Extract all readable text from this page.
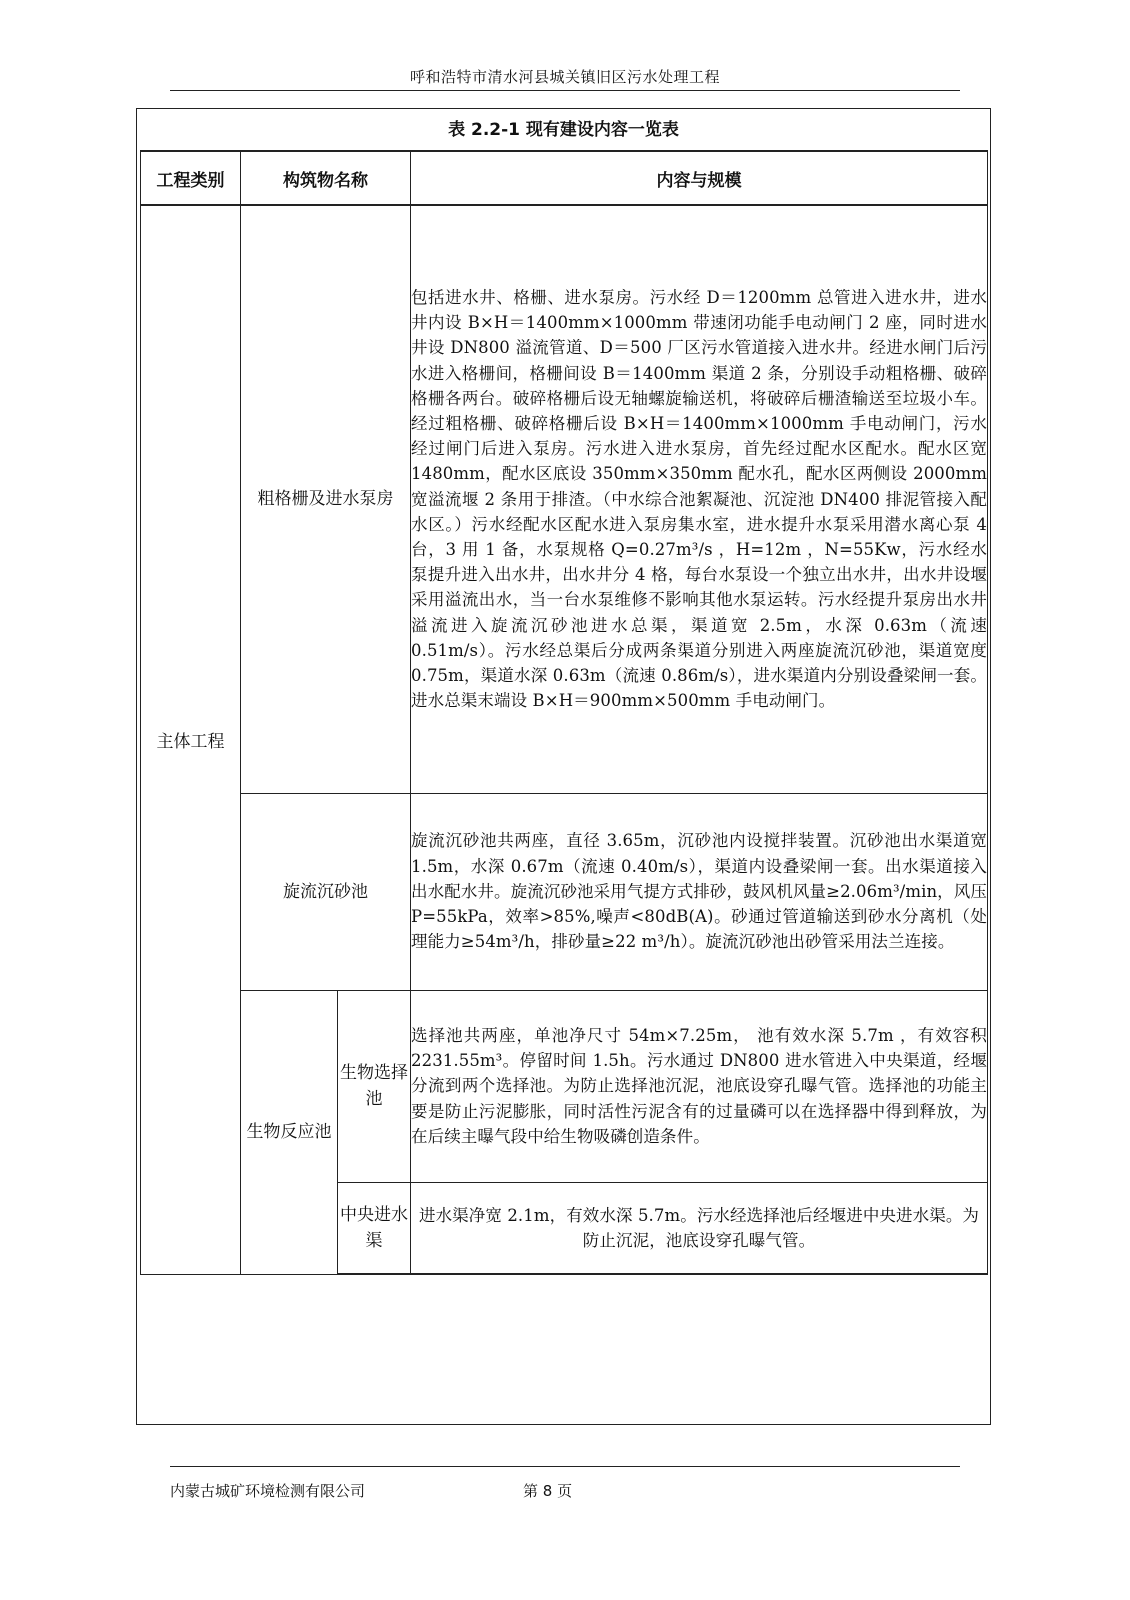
呼和浩特市清水河县城关镇旧区污水处理工程
表 2.2-1 现有建设内容一览表
工程类别	构筑物名称		内容与规模
主体工程	粗格栅及进水泵房		包括进水井、格栅、进水泵房。污水经 D＝1200mm 总管进入进水井，进水井内设 B×H＝1400mm×1000mm 带速闭功能手电动闸门 2 座，同时进水井设 DN800 溢流管道、D＝500 厂区污水管道接入进水井。经进水闸门后污水进入格栅间，格栅间设 B＝1400mm 渠道 2 条，分别设手动粗格栅、破碎格栅各两台。破碎格栅后设无轴螺旋输送机，将破碎后栅渣输送至垃圾小车。经过粗格栅、破碎格栅后设 B×H＝1400mm×1000mm 手电动闸门，污水经过闸门后进入泵房。污水进入进水泵房，首先经过配水区配水。配水区宽 1480mm，配水区底设 350mm×350mm 配水孔，配水区两侧设 2000mm 宽溢流堰 2 条用于排渣。（中水综合池絮凝池、沉淀池 DN400 排泥管接入配水区。）污水经配水区配水进入泵房集水室，进水提升水泵采用潜水离心泵 4 台，3 用 1 备，水泵规格 Q=0.27m³/s ，H=12m ，N=55Kw，污水经水泵提升进入出水井，出水井分 4 格，每台水泵设一个独立出水井，出水井设堰采用溢流出水，当一台水泵维修不影响其他水泵运转。污水经提升泵房出水井溢流进入旋流沉砂池进水总渠，渠道宽 2.5m，水深 0.63m（流速 0.51m/s）。污水经总渠后分成两条渠道分别进入两座旋流沉砂池，渠道宽度 0.75m，渠道水深 0.63m（流速 0.86m/s），进水渠道内分别设叠梁闸一套。进水总渠末端设 B×H＝900mm×500mm 手电动闸门。
	旋流沉砂池		旋流沉砂池共两座，直径 3.65m，沉砂池内设搅拌装置。沉砂池出水渠道宽 1.5m，水深 0.67m（流速 0.40m/s），渠道内设叠梁闸一套。出水渠道接入出水配水井。旋流沉砂池采用气提方式排砂，鼓风机风量≥2.06m³/min，风压 P=55kPa，效率>85%,噪声<80dB(A)。砂通过管道输送到砂水分离机（处理能力≥54m³/h，排砂量≥22 m³/h）。旋流沉砂池出砂管采用法兰连接。
	生物反应池	生物选择池	选择池共两座，单池净尺寸 54m×7.25m， 池有效水深 5.7m ，有效容积 2231.55m³。停留时间 1.5h。污水通过 DN800 进水管进入中央渠道，经堰分流到两个选择池。为防止选择池沉泥，池底设穿孔曝气管。选择池的功能主要是防止污泥膨胀，同时活性污泥含有的过量磷可以在选择器中得到释放，为在后续主曝气段中给生物吸磷创造条件。
		中央进水渠	进水渠净宽 2.1m，有效水深 5.7m。污水经选择池后经堰进中央进水渠。为防止沉泥，池底设穿孔曝气管。
内蒙古城矿环境检测有限公司	第 8 页
